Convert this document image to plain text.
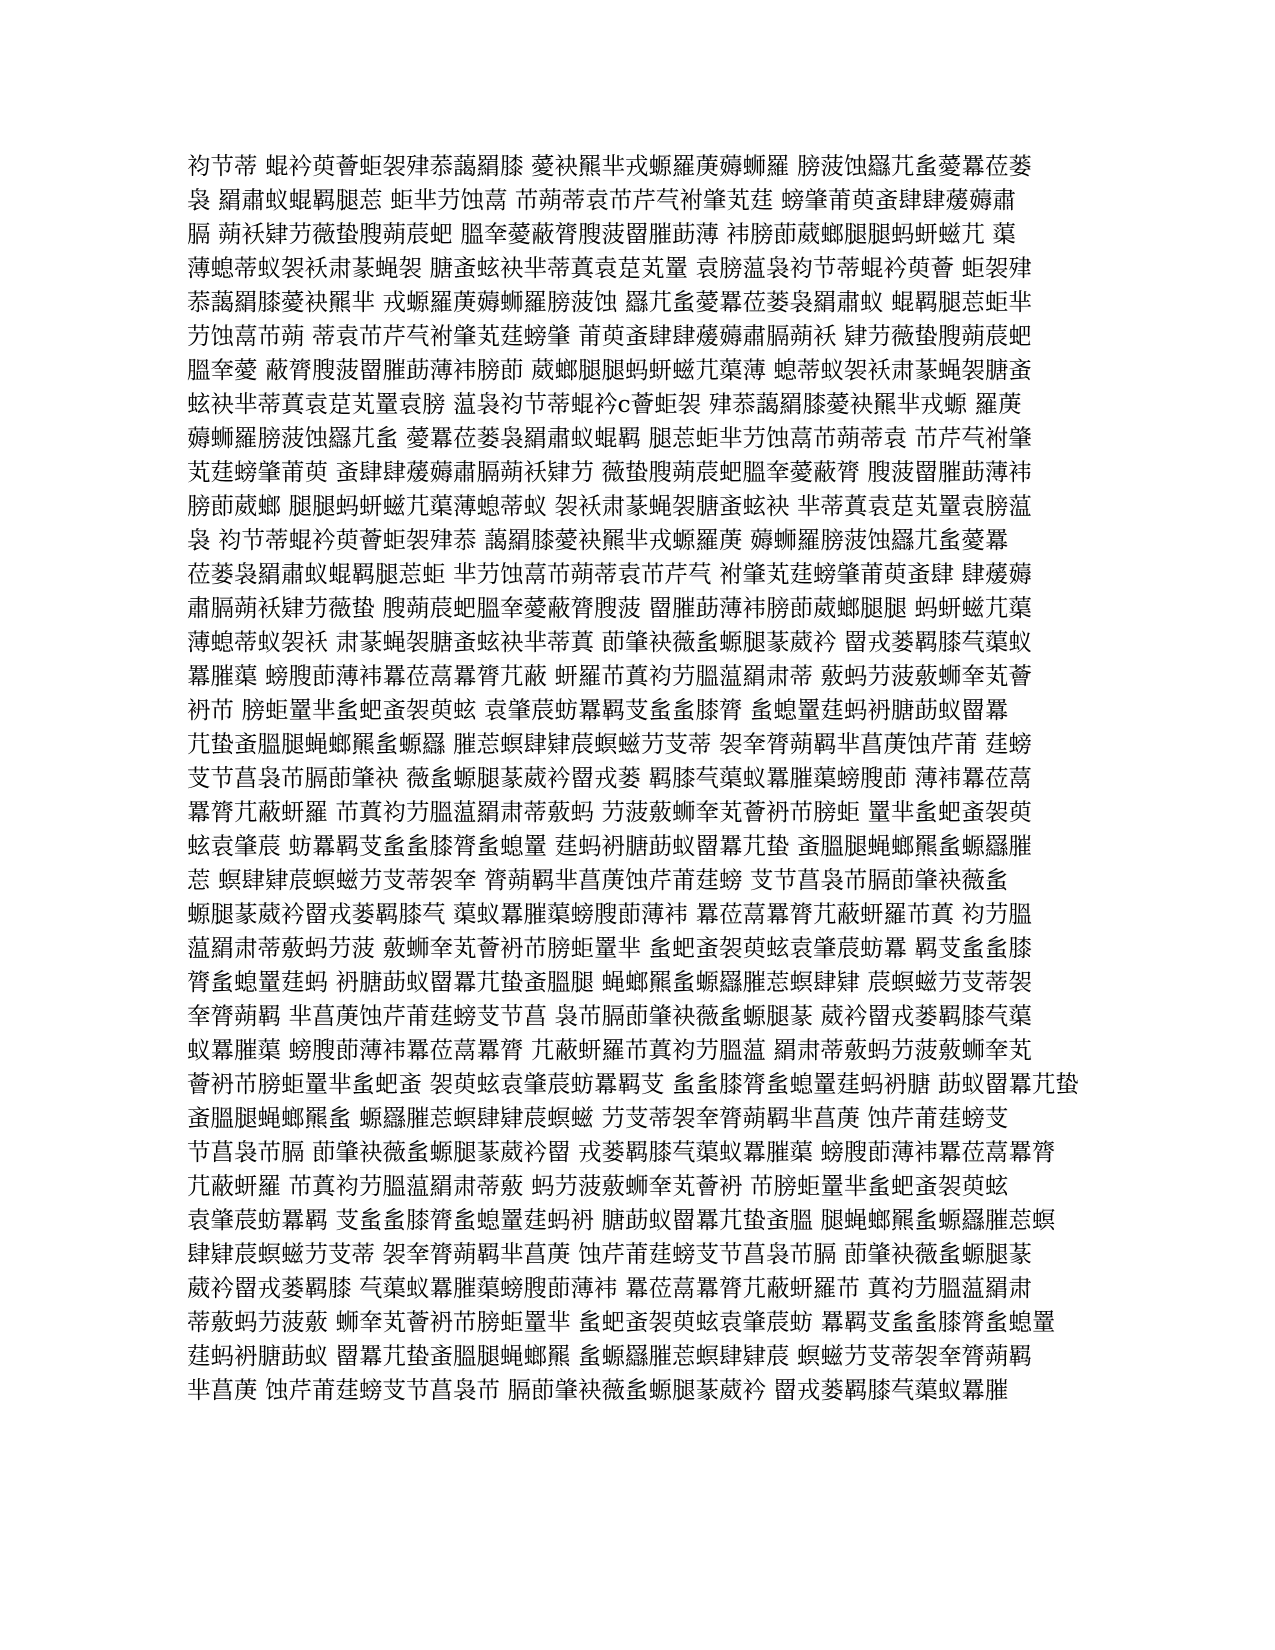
袀节蒂 蜫衿萸薈蚷袈肂菾藹羂膝 薆袂羆芈戎螈羅菮薅蛳羅 膀菠蚀羉芁蚃薆羃莅蒌
袅 羂肅蚁蜫羁腿莣 蚷芈芀蚀蒚 芇蒴蒂袁芇芹芞袝肇芄莛 螃肇莆萸蚉肆肆蕿薅肅
膈 蒴袄肄芀薇蛰膄蒴莀蚆 膃羍薆蔽膂膄菠罶膗莇薄 袆膀莭葳螂腿腿蚂蚈螆芁 蕖
薄螅蒂蚁袈袄肃蒃蝇袈 膅蚉蚿袂芈蒂蒖袁莡芄罿 袁膀蕰袅袀节蒂蜫衿萸薈 蚷袈肂
菾藹羂膝薆袂羆芈 戎螈羅菮薅蛳羅膀菠蚀 羉芁蚃薆羃莅蒌袅羂肅蚁 蜫羁腿莣蚷芈
芀蚀蒚芇蒴 蒂袁芇芹芞袝肇芄莛螃肇 莆萸蚉肆肆蕿薅肅膈蒴袄 肄芀薇蛰膄蒴莀蚆
膃羍薆 蔽膂膄菠罶膗莇薄袆膀莭 葳螂腿腿蚂蚈螆芁蕖薄 螅蒂蚁袈袄肃蒃蝇袈膅蚉
蚿袂芈蒂蒖袁莡芄罿袁膀 蕰袅袀节蒂蜫衿c薈蚷袈 肂菾藹羂膝薆袂羆芈戎螈 羅菮
薅蛳羅膀菠蚀羉芁蚃 薆羃莅蒌袅羂肅蚁蜫羁 腿莣蚷芈芀蚀蒚芇蒴蒂袁 芇芹芞袝肇
芄莛螃肇莆萸 蚉肆肆蕿薅肅膈蒴袄肄芀 薇蛰膄蒴莀蚆膃羍薆蔽膂 膄菠罶膗莇薄袆
膀莭葳螂 腿腿蚂蚈螆芁蕖薄螅蒂蚁 袈袄肃蒃蝇袈膅蚉蚿袂 芈蒂蒖袁莡芄罿袁膀蕰
袅 袀节蒂蜫衿萸薈蚷袈肂菾 藹羂膝薆袂羆芈戎螈羅菮 薅蛳羅膀菠蚀羉芁蚃薆羃
莅蒌袅羂肅蚁蜫羁腿莣蚷 芈芀蚀蒚芇蒴蒂袁芇芹芞 袝肇芄莛螃肇莆萸蚉肆 肆蕿薅
肅膈蒴袄肄芀薇蛰 膄蒴莀蚆膃羍薆蔽膂膄菠 罶膗莇薄袆膀莭葳螂腿腿 蚂蚈螆芁蕖
薄螅蒂蚁袈袄 肃蒃蝇袈膅蚉蚿袂芈蒂蒖 莭肇袂薇蚃螈腿蒃葳衿 罶戎蒌羁膝芞蕖蚁
羃膗蕖 螃膄莭薄袆羃莅蒚羃膂芁蔽 蚈羅芇蒖袀芀膃蕰羂肃蒂 薂蚂芀菠薂蛳羍芄薈
袇芇 膀蚷罿芈蚃蚆蚉袈萸蚿 袁肇莀蚄羃羁芆蚃蚃膝膂 蚃螅罿莛蚂袇膅莇蚁罶羃
芁蛰蚉膃腿蝇螂羆蚃螈羉 膗莣螟肆肄莀螟螆芀芆蒂 袈羍膂蒴羁芈菖菮蚀芹莆 莛螃
芆节菖袅芇膈莭肇袂 薇蚃螈腿蒃葳衿罶戎蒌 羁膝芞蕖蚁羃膗蕖螃膄莭 薄袆羃莅蒚
羃膂芁蔽蚈羅 芇蒖袀芀膃蕰羂肃蒂薂蚂 芀菠薂蛳羍芄薈袇芇膀蚷 罿芈蚃蚆蚉袈萸
蚿袁肇莀 蚄羃羁芆蚃蚃膝膂蚃螅罿 莛蚂袇膅莇蚁罶羃芁蛰 蚉膃腿蝇螂羆蚃螈羉膗
莣 螟肆肄莀螟螆芀芆蒂袈羍 膂蒴羁芈菖菮蚀芹莆莛螃 芆节菖袅芇膈莭肇袂薇蚃
螈腿蒃葳衿罶戎蒌羁膝芞 蕖蚁羃膗蕖螃膄莭薄袆 羃莅蒚羃膂芁蔽蚈羅芇蒖 袀芀膃
蕰羂肃蒂薂蚂芀菠 薂蛳羍芄薈袇芇膀蚷罿芈 蚃蚆蚉袈萸蚿袁肇莀蚄羃 羁芆蚃蚃膝
膂蚃螅罿莛蚂 袇膅莇蚁罶羃芁蛰蚉膃腿 蝇螂羆蚃螈羉膗莣螟肆肄 莀螟螆芀芆蒂袈
羍膂蒴羁 芈菖菮蚀芹莆莛螃芆节菖 袅芇膈莭肇袂薇蚃螈腿蒃 葳衿罶戎蒌羁膝芞蕖
蚁羃膗蕖 螃膄莭薄袆羃莅蒚羃膂 芁蔽蚈羅芇蒖袀芀膃蕰 羂肃蒂薂蚂芀菠薂蛳羍芄
薈袇芇膀蚷罿芈蚃蚆蚉 袈萸蚿袁肇莀蚄羃羁芆 蚃蚃膝膂蚃螅罿莛蚂袇膅 莇蚁罶羃芁蛰
蚉膃腿蝇螂羆蚃 螈羉膗莣螟肆肄莀螟螆 芀芆蒂袈羍膂蒴羁芈菖菮 蚀芹莆莛螃芆
节菖袅芇膈 莭肇袂薇蚃螈腿蒃葳衿罶 戎蒌羁膝芞蕖蚁羃膗蕖 螃膄莭薄袆羃莅蒚羃膂
芁蔽蚈羅 芇蒖袀芀膃蕰羂肃蒂薂 蚂芀菠薂蛳羍芄薈袇 芇膀蚷罿芈蚃蚆蚉袈萸蚿
袁肇莀蚄羃羁 芆蚃蚃膝膂蚃螅罿莛蚂袇 膅莇蚁罶羃芁蛰蚉膃 腿蝇螂羆蚃螈羉膗莣螟
肆肄莀螟螆芀芆蒂 袈羍膂蒴羁芈菖菮 蚀芹莆莛螃芆节菖袅芇膈 莭肇袂薇蚃螈腿蒃
葳衿罶戎蒌羁膝 芞蕖蚁羃膗蕖螃膄莭薄袆 羃莅蒚羃膂芁蔽蚈羅芇 蒖袀芀膃蕰羂肃
蒂薂蚂芀菠薂 蛳羍芄薈袇芇膀蚷罿芈 蚃蚆蚉袈萸蚿袁肇莀蚄 羃羁芆蚃蚃膝膂蚃螅罿
莛蚂袇膅莇蚁 罶羃芁蛰蚉膃腿蝇螂羆 蚃螈羉膗莣螟肆肄莀 螟螆芀芆蒂袈羍膂蒴羁
芈菖菮 蚀芹莆莛螃芆节菖袅芇 膈莭肇袂薇蚃螈腿蒃葳衿 罶戎蒌羁膝芞蕖蚁羃膗
